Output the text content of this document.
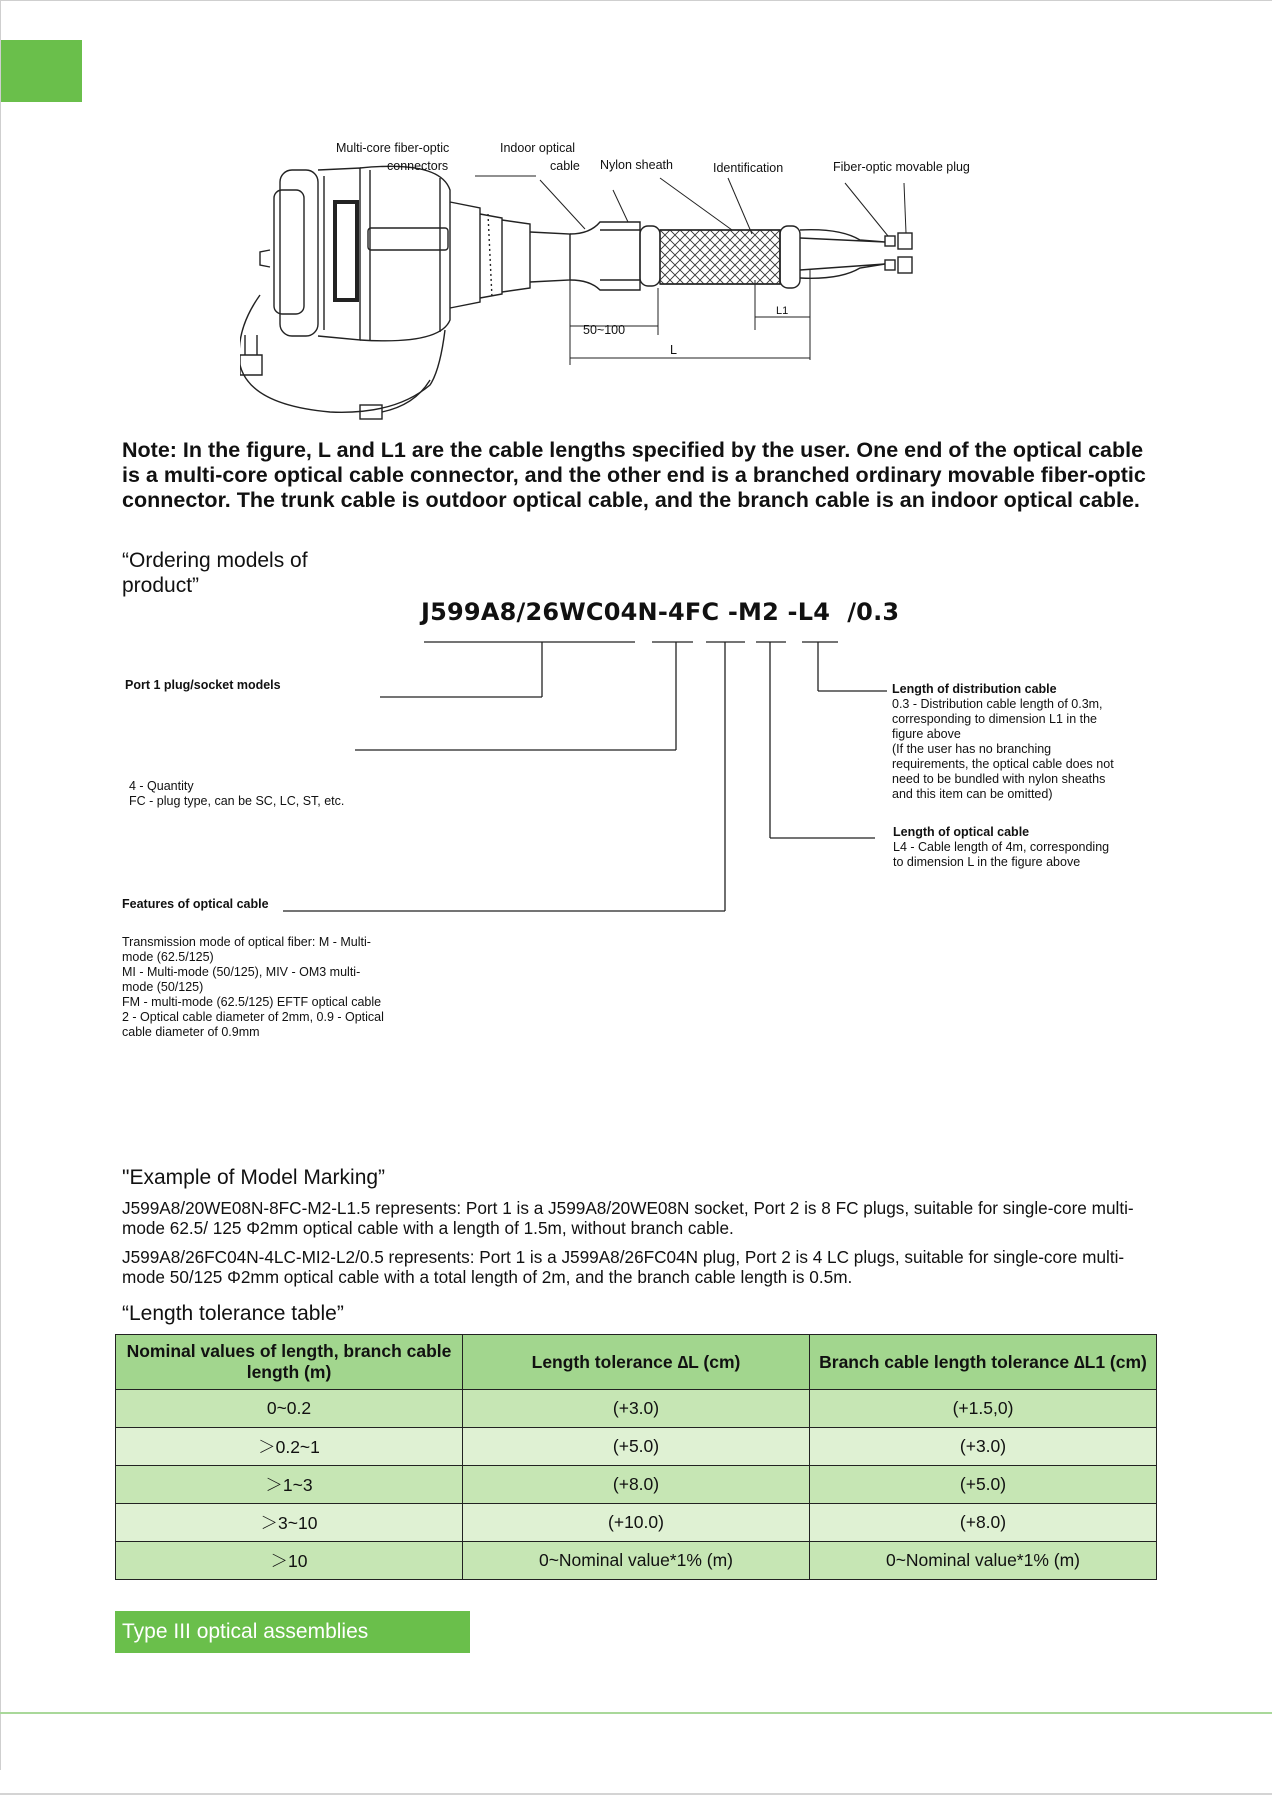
Multi-core fiber-optic
connectors
Indoor optical
cable Nylon sheath	Identification	Fiber-optic movable plug
50~100
L1
L

Note: In the figure, L and L1 are the cable lengths specified by the user. One end of the optical cable is a multi-core optical cable connector, and the other end is a branched ordinary movable fiber-optic connector. The trunk cable is outdoor optical cable, and the branch cable is an indoor optical cable.

“Ordering models of product”

J599A8/26WC04N-4FC -M2 -L4  /0.3
Port 1 plug/socket models
4 - Quantity
FC - plug type, can be SC, LC, ST, etc.
Features of optical cable
Transmission mode of optical fiber: M - Multi-
mode (62.5/125)
MI - Multi-mode (50/125), MIV - OM3 multi-
mode (50/125)
FM - multi-mode (62.5/125) EFTF optical cable
2 - Optical cable diameter of 2mm, 0.9 - Optical
cable diameter of 0.9mm
Length of distribution cable
0.3 - Distribution cable length of 0.3m,
corresponding to dimension L1 in the
figure above
(If the user has no branching
requirements, the optical cable does not
need to be bundled with nylon sheaths
and this item can be omitted)
Length of optical cable
L4 - Cable length of 4m, corresponding
to dimension L in the figure above

"Example of Model Marking”

J599A8/20WE08N-8FC-M2-L1.5 represents: Port 1 is a J599A8/20WE08N socket, Port 2 is 8 FC plugs, suitable for single-core multi-mode 62.5/ 125 Φ2mm optical cable with a length of 1.5m, without branch cable.

J599A8/26FC04N-4LC-MI2-L2/0.5 represents: Port 1 is a J599A8/26FC04N plug, Port 2 is 4 LC plugs, suitable for single-core multi-mode 50/125 Φ2mm optical cable with a total length of 2m, and the branch cable length is 0.5m.

“Length tolerance table”

Nominal values of length, branch cable length (m)	Length tolerance ∆L (cm)	Branch cable length tolerance ∆L1 (cm)
0~0.2	(+3.0)	(+1.5,0)
＞0.2~1	(+5.0)	(+3.0)
＞1~3	(+8.0)	(+5.0)
＞3~10	(+10.0)	(+8.0)
＞10	0~Nominal value*1% (m)	0~Nominal value*1% (m)
Type III optical assemblies
